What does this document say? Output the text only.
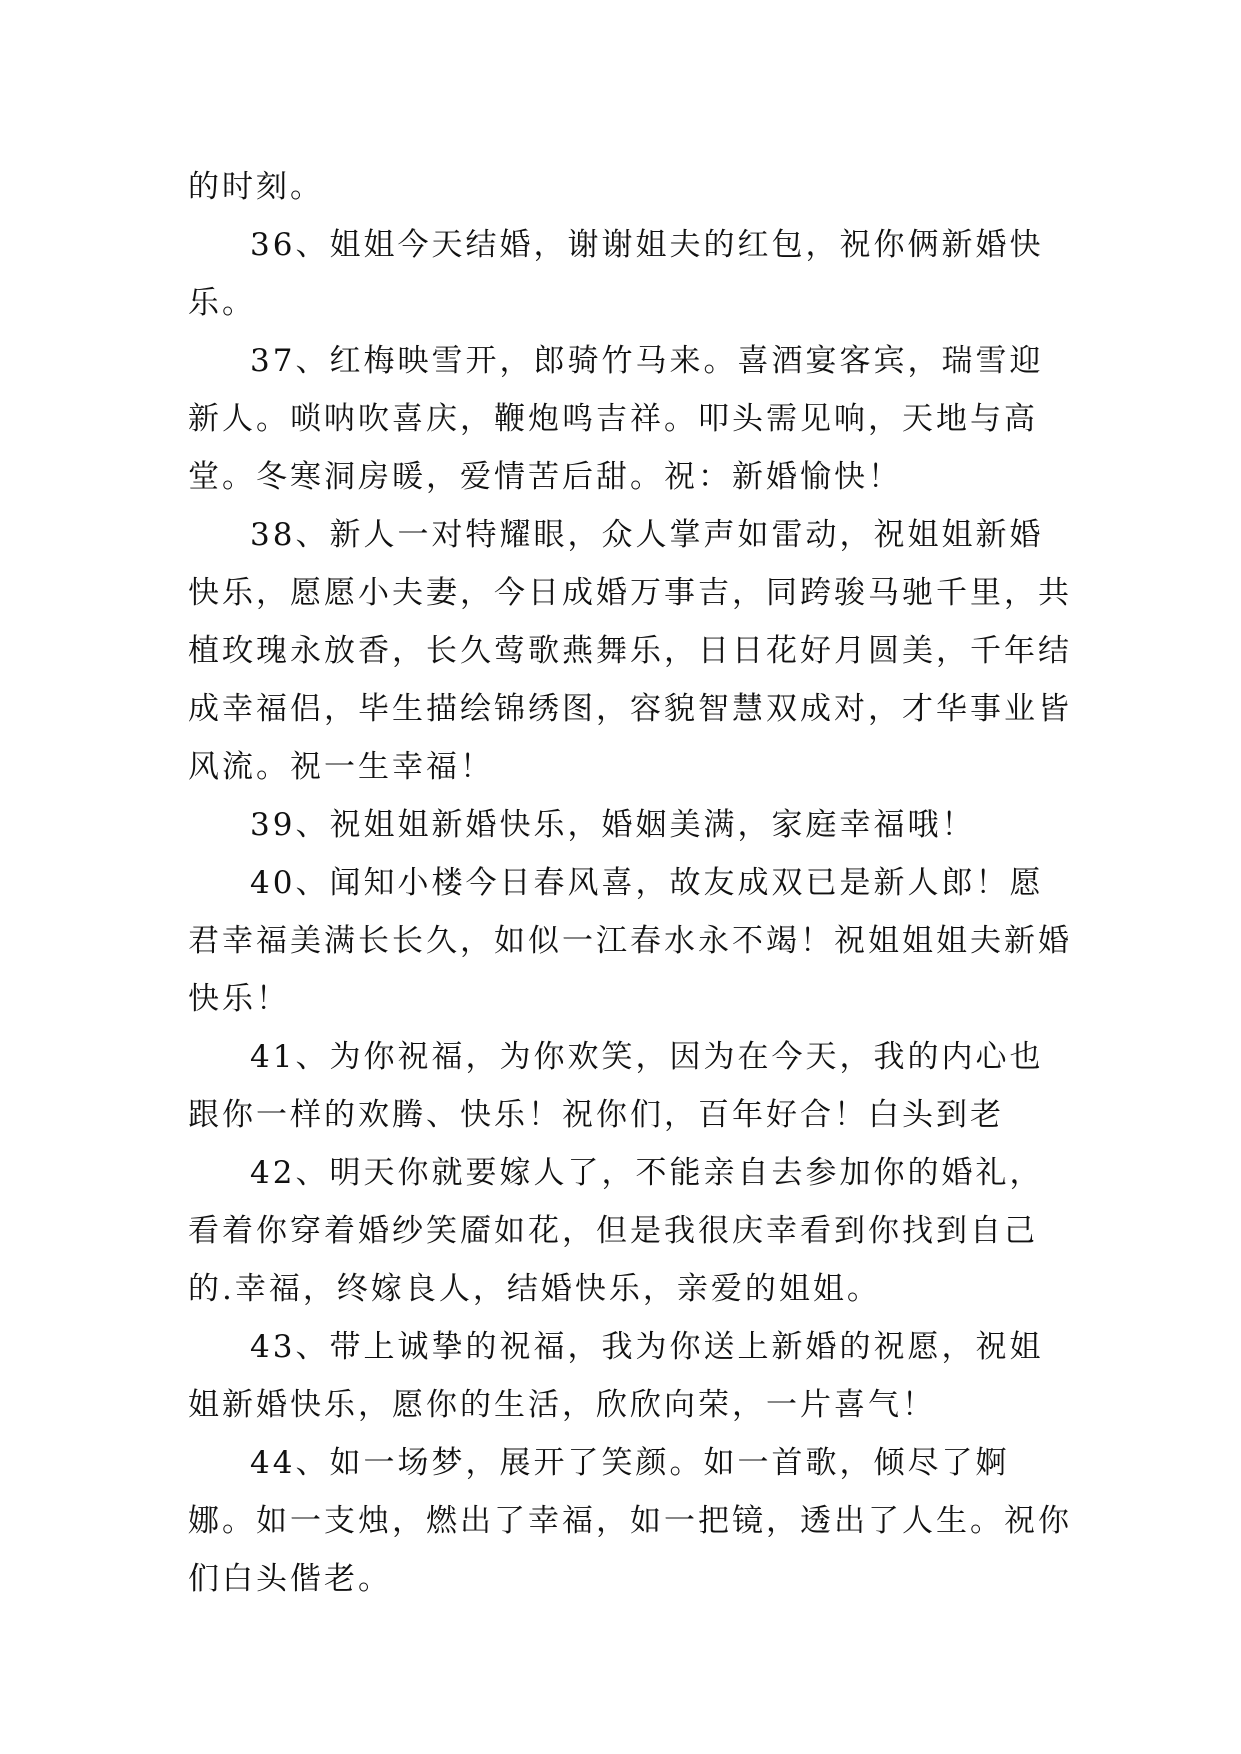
的时刻。

36、姐姐今天结婚，谢谢姐夫的红包，祝你俩新婚快乐。

37、红梅映雪开，郎骑竹马来。喜酒宴客宾，瑞雪迎新人。唢呐吹喜庆，鞭炮鸣吉祥。叩头需见响，天地与高堂。冬寒洞房暖，爱情苦后甜。祝：新婚愉快！

38、新人一对特耀眼，众人掌声如雷动，祝姐姐新婚快乐，愿愿小夫妻，今日成婚万事吉，同跨骏马驰千里，共植玫瑰永放香，长久莺歌燕舞乐，日日花好月圆美，千年结成幸福侣，毕生描绘锦绣图，容貌智慧双成对，才华事业皆风流。祝一生幸福！

39、祝姐姐新婚快乐，婚姻美满，家庭幸福哦！

40、闻知小楼今日春风喜，故友成双已是新人郎！愿君幸福美满长长久，如似一江春水永不竭！祝姐姐姐夫新婚快乐！

41、为你祝福，为你欢笑，因为在今天，我的内心也跟你一样的欢腾、快乐！祝你们，百年好合！白头到老

42、明天你就要嫁人了，不能亲自去参加你的婚礼，看着你穿着婚纱笑靥如花，但是我很庆幸看到你找到自己的.幸福，终嫁良人，结婚快乐，亲爱的姐姐。

43、带上诚挚的祝福，我为你送上新婚的祝愿，祝姐姐新婚快乐，愿你的生活，欣欣向荣，一片喜气！

44、如一场梦，展开了笑颜。如一首歌，倾尽了婀娜。如一支烛，燃出了幸福，如一把镜，透出了人生。祝你们白头偕老。
